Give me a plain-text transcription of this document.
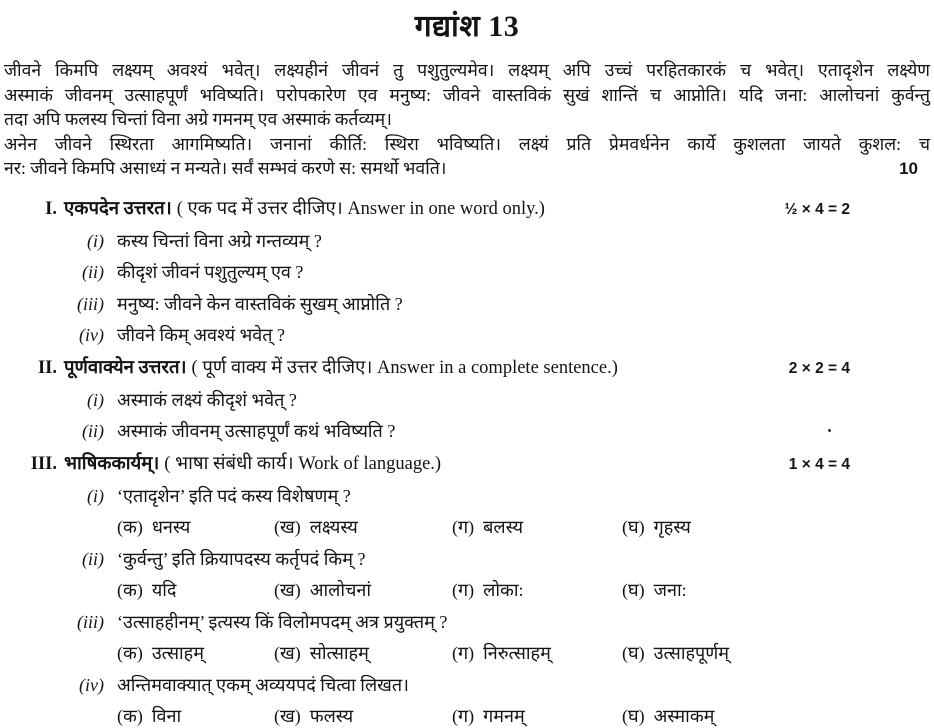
गद्यांश 13
जीवने किमपि लक्ष्यम् अवश्यं भवेत्। लक्ष्यहीनं जीवनं तु पशुतुल्यमेव। लक्ष्यम् अपि उच्चं परहितकारकं च भवेत्। एतादृशेन लक्ष्येण
अस्माकं जीवनम् उत्साहपूर्णं भविष्यति। परोपकारेण एव मनुष्य: जीवने वास्तविकं सुखं शान्तिं च आप्नोति। यदि जना: आलोचनां कुर्वन्तु
तदा अपि फलस्य चिन्तां विना अग्रे गमनम् एव अस्माकं कर्तव्यम्।
अनेन जीवने स्थिरता आगमिष्यति। जनानां कीर्ति: स्थिरा भविष्यति। लक्ष्यं प्रति प्रेमवर्धनेन कार्ये कुशलता जायते कुशल: च
नर: जीवने किमपि असाध्यं न मन्यते। सर्वं सम्भवं करणे स: समर्थो भवति।	10
I. एकपदेन उत्तरत। ( एक पद में उत्तर दीजिए। Answer in one word only.)	½ × 4 = 2
(i) कस्य चिन्तां विना अग्रे गन्तव्यम् ?
(ii) कीदृशं जीवनं पशुतुल्यम् एव ?
(iii) मनुष्य: जीवने केन वास्तविकं सुखम् आप्नोति ?
(iv) जीवने किम् अवश्यं भवेत् ?
II. पूर्णवाक्येन उत्तरत। ( पूर्ण वाक्य में उत्तर दीजिए। Answer in a complete sentence.)	2 × 2 = 4
(i) अस्माकं लक्ष्यं कीदृशं भवेत् ?
(ii) अस्माकं जीवनम् उत्साहपूर्णं कथं भविष्यति ?
III. भाषिककार्यम्। ( भाषा संबंधी कार्य। Work of language.)	1 × 4 = 4
(i) ‘एतादृशेन’ इति पदं कस्य विशेषणम् ?
(क) धनस्य	(ख) लक्ष्यस्य	(ग) बलस्य	(घ) गृहस्य
(ii) ‘कुर्वन्तु’ इति क्रियापदस्य कर्तृपदं किम् ?
(क) यदि	(ख) आलोचनां	(ग) लोका:	(घ) जना:
(iii) ‘उत्साहहीनम्’ इत्यस्य किं विलोमपदम् अत्र प्रयुक्तम् ?
(क) उत्साहम्	(ख) सोत्साहम्	(ग) निरुत्साहम्	(घ) उत्साहपूर्णम्
(iv) अन्तिमवाक्यात् एकम् अव्ययपदं चित्वा लिखत।
(क) विना	(ख) फलस्य	(ग) गमनम्	(घ) अस्माकम्
